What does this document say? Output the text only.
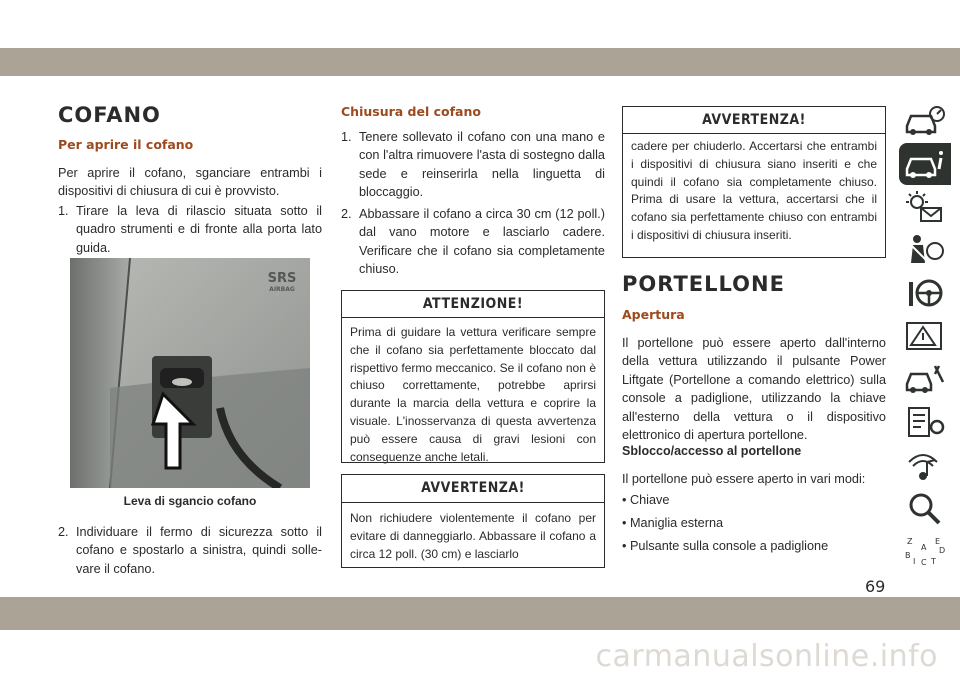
COFANO
Per aprire il cofano

Per aprire il cofano, sganciare entrambi i dispositivi di chiusura di cui è provvisto.

1. Tirare la leva di rilascio situata sotto il quadro strumenti e di fronte alla porta lato guida.

2. Individuare il fermo di sicurezza sotto il cofano e spostarlo a sinistra, quindi sollevare il cofano.

SRS
AIRBAG
Leva di sgancio cofano
Chiusura del cofano

1. Tenere sollevato il cofano con una mano e con l'altra rimuovere l'asta di sostegno dalla sede e reinserirla nella linguetta di bloccaggio.

2. Abbassare il cofano a circa 30 cm (12 poll.) dal vano motore e lasciarlo cadere. Verificare che il cofano sia completamente chiuso.

ATTENZIONE!

Prima di guidare la vettura verificare sempre che il cofano sia perfettamente bloccato dal rispettivo fermo meccanico. Se il cofano non è chiuso correttamente, potrebbe aprirsi durante la marcia della vettura e coprire la visuale. L'inosservanza di questa avvertenza può essere causa di gravi lesioni con conseguenze anche letali.

AVVERTENZA!

Non richiudere violentemente il cofano per evitare di danneggiarlo. Abbassare il cofano a circa 12 poll. (30 cm) e lasciarlo

AVVERTENZA!

cadere per chiuderlo. Accertarsi che entrambi i dispositivi di chiusura siano inseriti e che quindi il cofano sia completamente chiuso. Prima di usare la vettura, accertarsi che il cofano sia perfettamente chiuso con entrambi i dispositivi di chiusura inseriti.

PORTELLONE
Apertura

Il portellone può essere aperto dall'interno della vettura utilizzando il pulsante Power Liftgate (Portellone a comando elettrico) sulla console a padiglione, utilizzando la chiave all'esterno della vettura o il dispositivo elettronico di apertura portellone.

Sblocco/accesso al portellone

Il portellone può essere aperto in vari modi:

• Chiave

• Maniglia esterna

• Pulsante sulla console a padiglione	Z	E
A D
B
I C T
69
carmanualsonline.info
